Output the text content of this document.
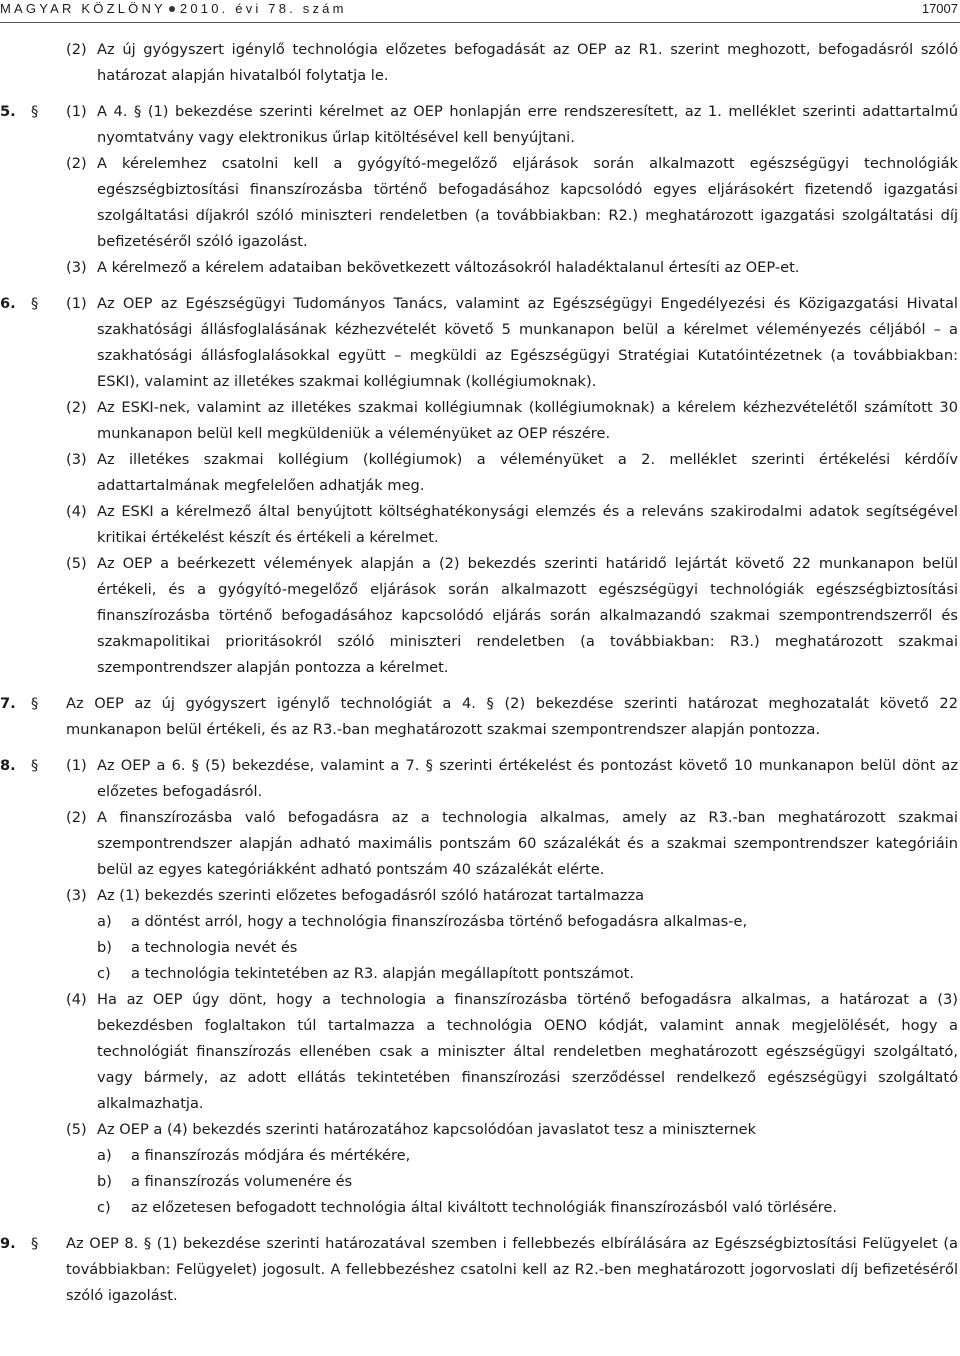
MAGYAR KÖZLÖNY 2010. évi 78. szám	17007
(2) Az új gyógyszert igénylő technológia előzetes befogadását az OEP az R1. szerint meghozott, befogadásról szóló határozat alapján hivatalból folytatja le.
5.	§	(1) A 4. § (1) bekezdése szerinti kérelmet az OEP honlapján erre rendszeresített, az 1. melléklet szerinti adattartalmú nyomtatvány vagy elektronikus űrlap kitöltésével kell benyújtani.
(2) A kérelemhez csatolni kell a gyógyító-megelőző eljárások során alkalmazott egészségügyi technológiák egészségbiztosítási finanszírozásba történő befogadásához kapcsolódó egyes eljárásokért fizetendő igazgatási szolgáltatási díjakról szóló miniszteri rendeletben (a továbbiakban: R2.) meghatározott igazgatási szolgáltatási díj befizetéséről szóló igazolást.
(3) A kérelmező a kérelem adataiban bekövetkezett változásokról haladéktalanul értesíti az OEP-et.
6.	§	(1) Az OEP az Egészségügyi Tudományos Tanács, valamint az Egészségügyi Engedélyezési és Közigazgatási Hivatal szakhatósági állásfoglalásának kézhezvételét követő 5 munkanapon belül a kérelmet véleményezés céljából – a szakhatósági állásfoglalásokkal együtt – megküldi az Egészségügyi Stratégiai Kutatóintézetnek (a továbbiakban: ESKI), valamint az illetékes szakmai kollégiumnak (kollégiumoknak).
(2) Az ESKI-nek, valamint az illetékes szakmai kollégiumnak (kollégiumoknak) a kérelem kézhezvételétől számított 30 munkanapon belül kell megküldeniük a véleményüket az OEP részére.
(3) Az illetékes szakmai kollégium (kollégiumok) a véleményüket a 2. melléklet szerinti értékelési kérdőív adattartalmának megfelelően adhatják meg.
(4) Az ESKI a kérelmező által benyújtott költséghatékonysági elemzés és a releváns szakirodalmi adatok segítségével kritikai értékelést készít és értékeli a kérelmet.
(5) Az OEP a beérkezett vélemények alapján a (2) bekezdés szerinti határidő lejártát követő 22 munkanapon belül értékeli, és a gyógyító-megelőző eljárások során alkalmazott egészségügyi technológiák egészségbiztosítási finanszírozásba történő befogadásához kapcsolódó eljárás során alkalmazandó szakmai szempontrendszerről és szakmapolitikai prioritásokról szóló miniszteri rendeletben (a továbbiakban: R3.) meghatározott szakmai szempontrendszer alapján pontozza a kérelmet.
7.	§	Az OEP az új gyógyszert igénylő technológiát a 4. § (2) bekezdése szerinti határozat meghozatalát követő 22 munkanapon belül értékeli, és az R3.-ban meghatározott szakmai szempontrendszer alapján pontozza.
8.	§	(1) Az OEP a 6. § (5) bekezdése, valamint a 7. § szerinti értékelést és pontozást követő 10 munkanapon belül dönt az előzetes befogadásról.
(2) A finanszírozásba való befogadásra az a technologia alkalmas, amely az R3.-ban meghatározott szakmai szempontrendszer alapján adható maximális pontszám 60 százalékát és a szakmai szempontrendszer kategóriáin belül az egyes kategóriákként adható pontszám 40 százalékát elérte.
(3) Az (1) bekezdés szerinti előzetes befogadásról szóló határozat tartalmazza
a)	a döntést arról, hogy a technológia finanszírozásba történő befogadásra alkalmas-e,
b)	a technologia nevét és
c)	a technológia tekintetében az R3. alapján megállapított pontszámot.
(4) Ha az OEP úgy dönt, hogy a technologia a finanszírozásba történő befogadásra alkalmas, a határozat a (3) bekezdésben foglaltakon túl tartalmazza a technológia OENO kódját, valamint annak megjelölését, hogy a technológiát finanszírozás ellenében csak a miniszter által rendeletben meghatározott egészségügyi szolgáltató, vagy bármely, az adott ellátás tekintetében finanszírozási szerződéssel rendelkező egészségügyi szolgáltató alkalmazhatja.
(5) Az OEP a (4) bekezdés szerinti határozatához kapcsolódóan javaslatot tesz a miniszternek
a)	a finanszírozás módjára és mértékére,
b)	a finanszírozás volumenére és
c)	az előzetesen befogadott technológia által kiváltott technológiák finanszírozásból való törlésére.
9.	§	Az OEP 8. § (1) bekezdése szerinti határozatával szemben i fellebbezés elbírálására az Egészségbiztosítási Felügyelet (a továbbiakban: Felügyelet) jogosult. A fellebbezéshez csatolni kell az R2.-ben meghatározott jogorvoslati díj befizetéséről szóló igazolást.
